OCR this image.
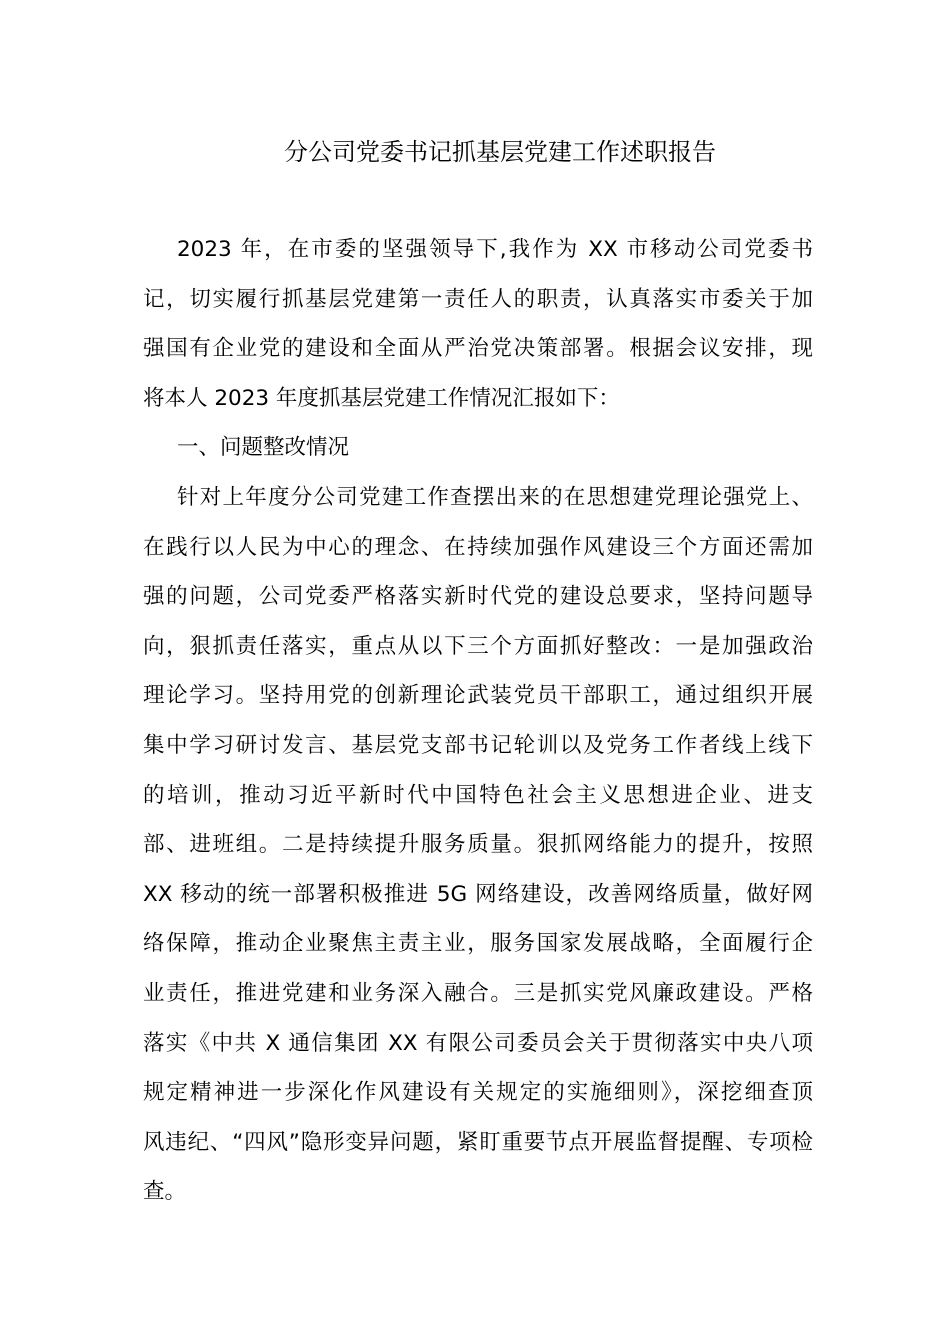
分公司党委书记抓基层党建工作述职报告
2023 年，在市委的坚强领导下,我作为 XX 市移动公司党委书
记，切实履行抓基层党建第一责任人的职责，认真落实市委关于加
强国有企业党的建设和全面从严治党决策部署。根据会议安排，现
将本人 2023 年度抓基层党建工作情况汇报如下：
一、问题整改情况
针对上年度分公司党建工作查摆出来的在思想建党理论强党上、
在践行以人民为中心的理念、在持续加强作风建设三个方面还需加
强的问题，公司党委严格落实新时代党的建设总要求，坚持问题导
向，狠抓责任落实，重点从以下三个方面抓好整改：一是加强政治
理论学习。坚持用党的创新理论武装党员干部职工，通过组织开展
集中学习研讨发言、基层党支部书记轮训以及党务工作者线上线下
的培训，推动习近平新时代中国特色社会主义思想进企业、进支
部、进班组。二是持续提升服务质量。狠抓网络能力的提升，按照
XX 移动的统一部署积极推进 5G 网络建设，改善网络质量，做好网
络保障，推动企业聚焦主责主业，服务国家发展战略，全面履行企
业责任，推进党建和业务深入融合。三是抓实党风廉政建设。严格
落实《中共 X 通信集团 XX 有限公司委员会关于贯彻落实中央八项
规定精神进一步深化作风建设有关规定的实施细则》，深挖细查顶
风违纪、“四风”隐形变异问题，紧盯重要节点开展监督提醒、专项检
查。
